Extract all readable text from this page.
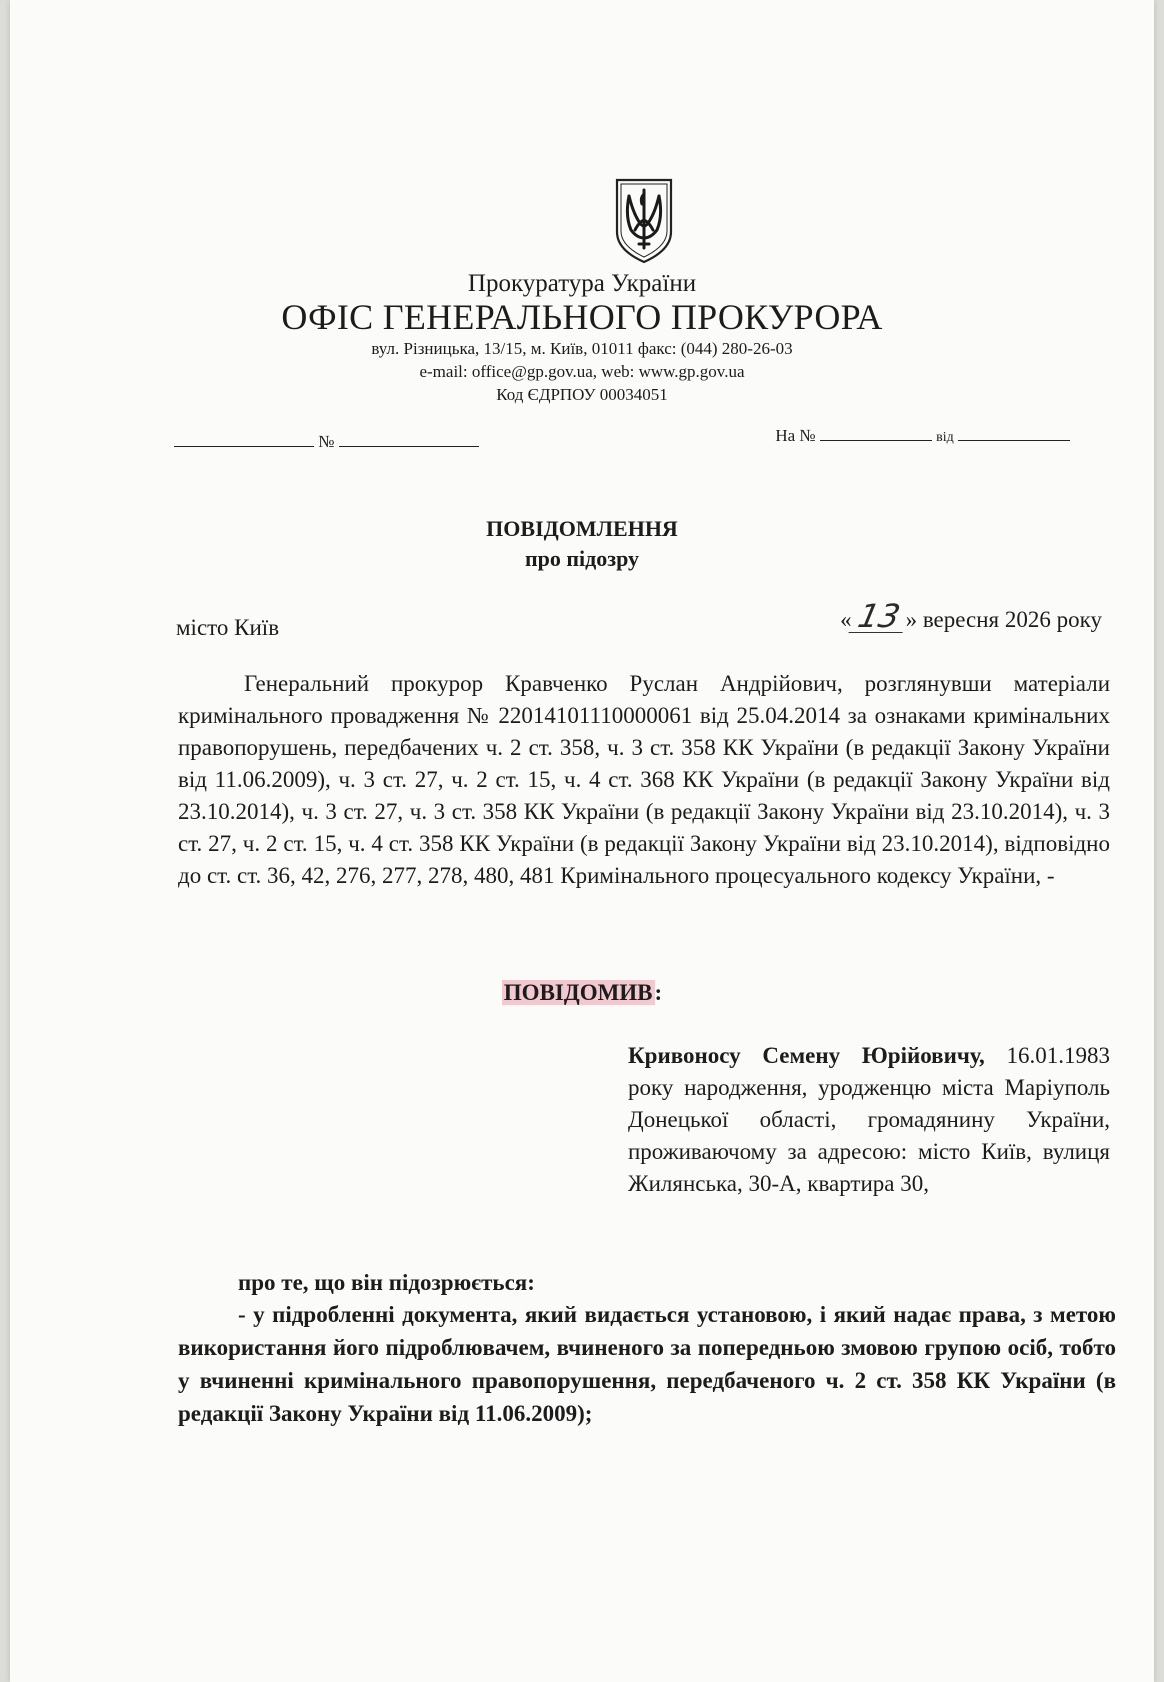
Прокуратура України
ОФІС ГЕНЕРАЛЬНОГО ПРОКУРОРА
вул. Різницька, 13/15, м. Київ, 01011 факс: (044) 280-26-03
e-mail: office@gp.gov.ua, web: www.gp.gov.ua
Код ЄДРПОУ 00034051
№	На №	від
ПОВІДОМЛЕННЯ
про підозру
місто Київ	«13 » вересня 2026 року

Генеральний прокурор Кравченко Руслан Андрійович, розглянувши матеріали кримінального провадження № 22014101110000061 від 25.04.2014 за ознаками кримінальних правопорушень, передбачених ч. 2 ст. 358, ч. 3 ст. 358 КК України (в редакції Закону України від 11.06.2009), ч. 3 ст. 27, ч. 2 ст. 15, ч. 4 ст. 368 КК України (в редакції Закону України від 23.10.2014), ч. 3 ст. 27, ч. 3 ст. 358 КК України (в редакції Закону України від 23.10.2014), ч. 3 ст. 27, ч. 2 ст. 15, ч. 4 ст. 358 КК України (в редакції Закону України від 23.10.2014), відповідно до ст. ст. 36, 42, 276, 277, 278, 480, 481 Кримінального процесуального кодексу України, -

ПОВІДОМИВ:

Кривоносу Семену Юрійовичу, 16.01.1983 року народження, уродженцю міста Маріуполь Донецької області, громадянину України, проживаючому за адресою: місто Київ, вулиця Жилянська, 30-А, квартира 30,

про те, що він підозрюється:

- у підробленні документа, який видається установою, і який надає права, з метою використання його підроблювачем, вчиненого за попередньою змовою групою осіб, тобто у вчиненні кримінального правопорушення, передбаченого ч. 2 ст. 358 КК України (в редакції Закону України від 11.06.2009);
